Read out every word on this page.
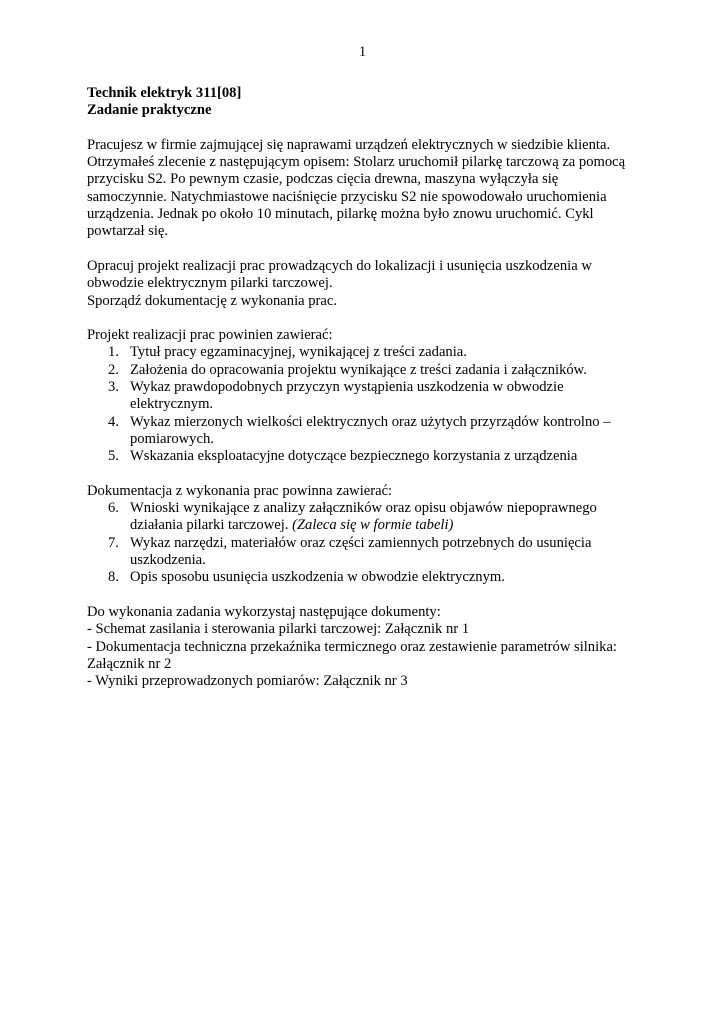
1
Technik elektryk 311[08]
Zadanie praktyczne
Pracujesz w firmie zajmującej się naprawami urządzeń elektrycznych w siedzibie klienta.
Otrzymałeś zlecenie z następującym opisem: Stolarz uruchomił pilarkę tarczową za pomocą
przycisku S2. Po pewnym czasie, podczas cięcia drewna, maszyna wyłączyła się
samoczynnie. Natychmiastowe naciśnięcie przycisku S2 nie spowodowało uruchomienia
urządzenia. Jednak po około 10 minutach, pilarkę można było znowu uruchomić. Cykl
powtarzał się.
Opracuj projekt realizacji prac prowadzących do lokalizacji i usunięcia uszkodzenia w
obwodzie elektrycznym pilarki tarczowej.
Sporządź dokumentację z wykonania prac.
Projekt realizacji prac powinien zawierać:
1. Tytuł pracy egzaminacyjnej, wynikającej z treści zadania.
2. Założenia do opracowania projektu wynikające z treści zadania i załączników.
3. Wykaz prawdopodobnych przyczyn wystąpienia uszkodzenia w obwodzie
elektrycznym.
4. Wykaz mierzonych wielkości elektrycznych oraz użytych przyrządów kontrolno –
pomiarowych.
5. Wskazania eksploatacyjne dotyczące bezpiecznego korzystania z urządzenia
Dokumentacja z wykonania prac powinna zawierać:
6. Wnioski wynikające z analizy załączników oraz opisu objawów niepoprawnego
działania pilarki tarczowej. (Zaleca się w formie tabeli)
7. Wykaz narzędzi, materiałów oraz części zamiennych potrzebnych do usunięcia
uszkodzenia.
8. Opis sposobu usunięcia uszkodzenia w obwodzie elektrycznym.
Do wykonania zadania wykorzystaj następujące dokumenty:
- Schemat zasilania i sterowania pilarki tarczowej: Załącznik nr 1
- Dokumentacja techniczna przekaźnika termicznego oraz zestawienie parametrów silnika:
Załącznik nr 2
- Wyniki przeprowadzonych pomiarów: Załącznik nr 3
